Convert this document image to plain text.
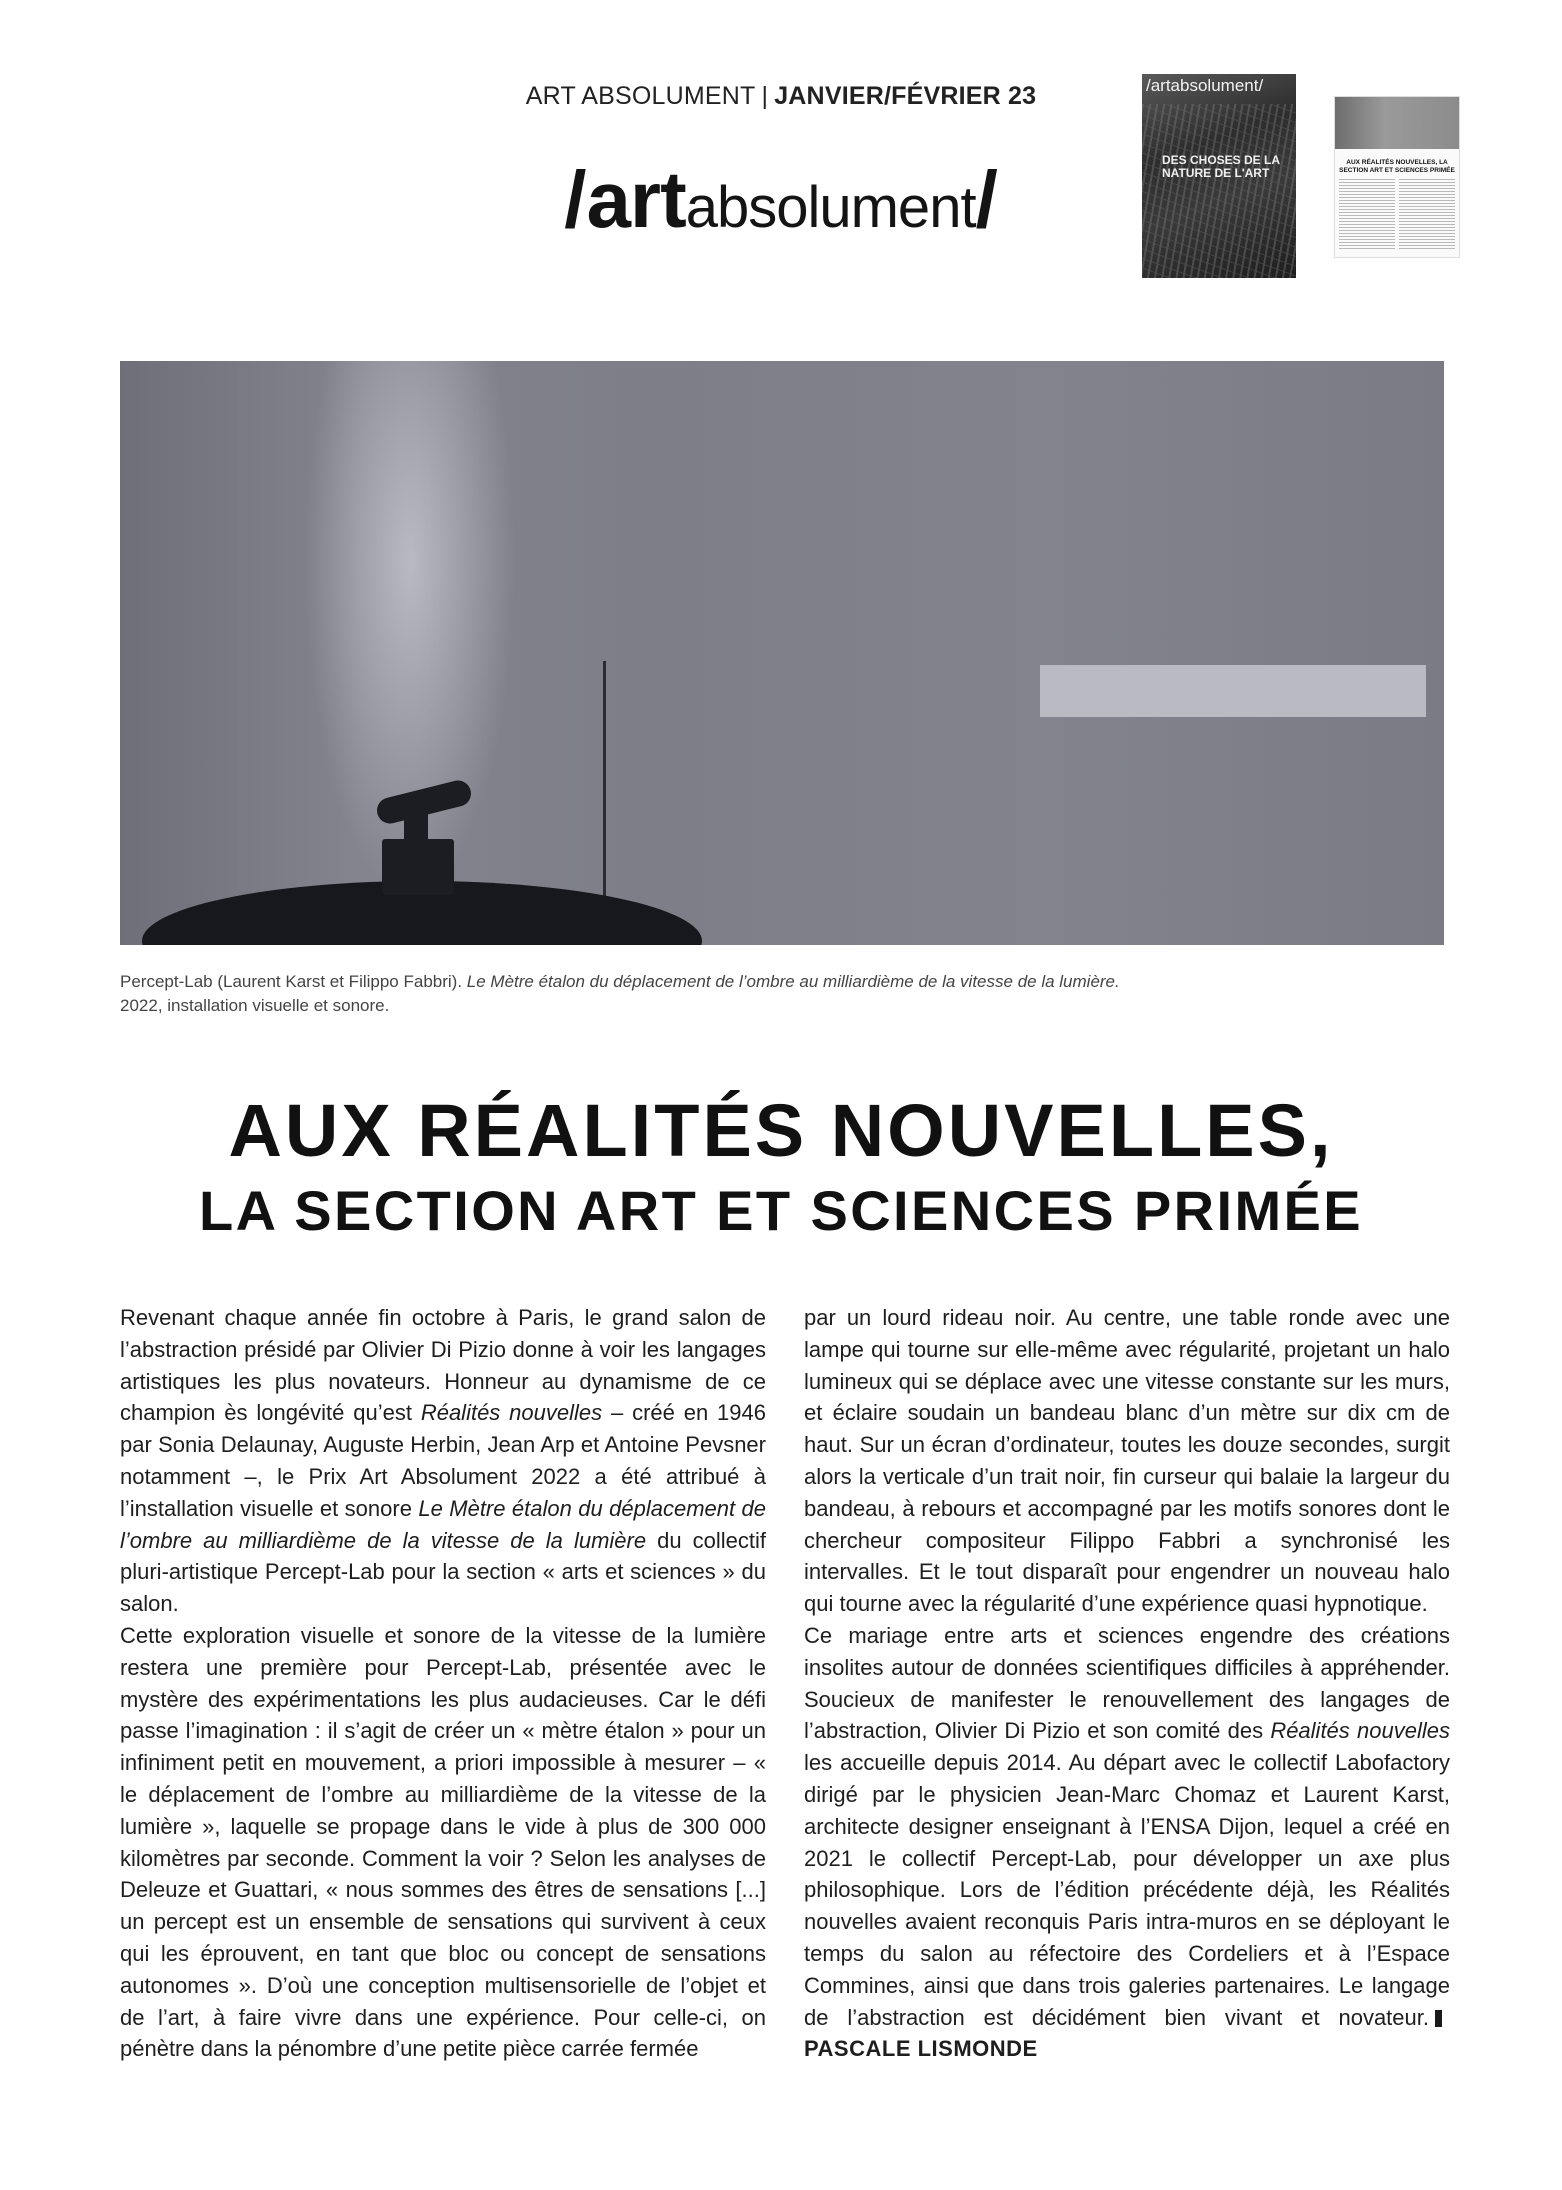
ART ABSOLUMENT | JANVIER/FÉVRIER 23
/artabsolument/
/artabsolument/
DES CHOSES DE LA NATURE DE L'ART
AUX RÉALITÉS NOUVELLES, LA SECTION ART ET SCIENCES PRIMÉE
Percept-Lab (Laurent Karst et Filippo Fabbri). Le Mètre étalon du déplacement de l’ombre au milliardième de la vitesse de la lumière.
2022, installation visuelle et sonore.
AUX RÉALITÉS NOUVELLES,
LA SECTION ART ET SCIENCES PRIMÉE

Revenant chaque année fin octobre à Paris, le grand salon de l’abstraction présidé par Olivier Di Pizio donne à voir les langages artistiques les plus novateurs. Honneur au dynamisme de ce champion ès longévité qu’est Réalités nouvelles – créé en 1946 par Sonia Delaunay, Auguste Herbin, Jean Arp et Antoine Pevsner notamment –, le Prix Art Absolument 2022 a été attribué à l’installation visuelle et sonore Le Mètre étalon du déplacement de l’ombre au milliardième de la vitesse de la lumière du collectif pluri-artistique Percept-Lab pour la section « arts et sciences » du salon.

Cette exploration visuelle et sonore de la vitesse de la lumière restera une première pour Percept-Lab, présentée avec le mystère des expérimentations les plus audacieuses. Car le défi passe l’imagination : il s’agit de créer un « mètre étalon » pour un infiniment petit en mouvement, a priori impossible à mesurer – « le déplacement de l’ombre au milliardième de la vitesse de la lumière », laquelle se propage dans le vide à plus de 300 000 kilomètres par seconde. Comment la voir ? Selon les analyses de Deleuze et Guattari, « nous sommes des êtres de sensations [...] un percept est un ensemble de sensations qui survivent à ceux qui les éprouvent, en tant que bloc ou concept de sensations autonomes ». D’où une conception multisensorielle de l’objet et de l’art, à faire vivre dans une expérience. Pour celle-ci, on pénètre dans la pénombre d’une petite pièce carrée fermée

par un lourd rideau noir. Au centre, une table ronde avec une lampe qui tourne sur elle-même avec régularité, projetant un halo lumineux qui se déplace avec une vitesse constante sur les murs, et éclaire soudain un bandeau blanc d’un mètre sur dix cm de haut. Sur un écran d’ordinateur, toutes les douze secondes, surgit alors la verticale d’un trait noir, fin curseur qui balaie la largeur du bandeau, à rebours et accompagné par les motifs sonores dont le chercheur compositeur Filippo Fabbri a synchronisé les intervalles. Et le tout disparaît pour engendrer un nouveau halo qui tourne avec la régularité d’une expérience quasi hypnotique.

Ce mariage entre arts et sciences engendre des créations insolites autour de données scientifiques difficiles à appréhender. Soucieux de manifester le renouvellement des langages de l’abstraction, Olivier Di Pizio et son comité des Réalités nouvelles les accueille depuis 2014. Au départ avec le collectif Labofactory dirigé par le physicien Jean-Marc Chomaz et Laurent Karst, architecte designer enseignant à l’ENSA Dijon, lequel a créé en 2021 le collectif Percept-Lab, pour développer un axe plus philosophique. Lors de l’édition précédente déjà, les Réalités nouvelles avaient reconquis Paris intra-muros en se déployant le temps du salon au réfectoire des Cordeliers et à l’Espace Commines, ainsi que dans trois galeries partenaires. Le langage de l’abstraction est décidément bien vivant et novateur.PASCALE LISMONDE
